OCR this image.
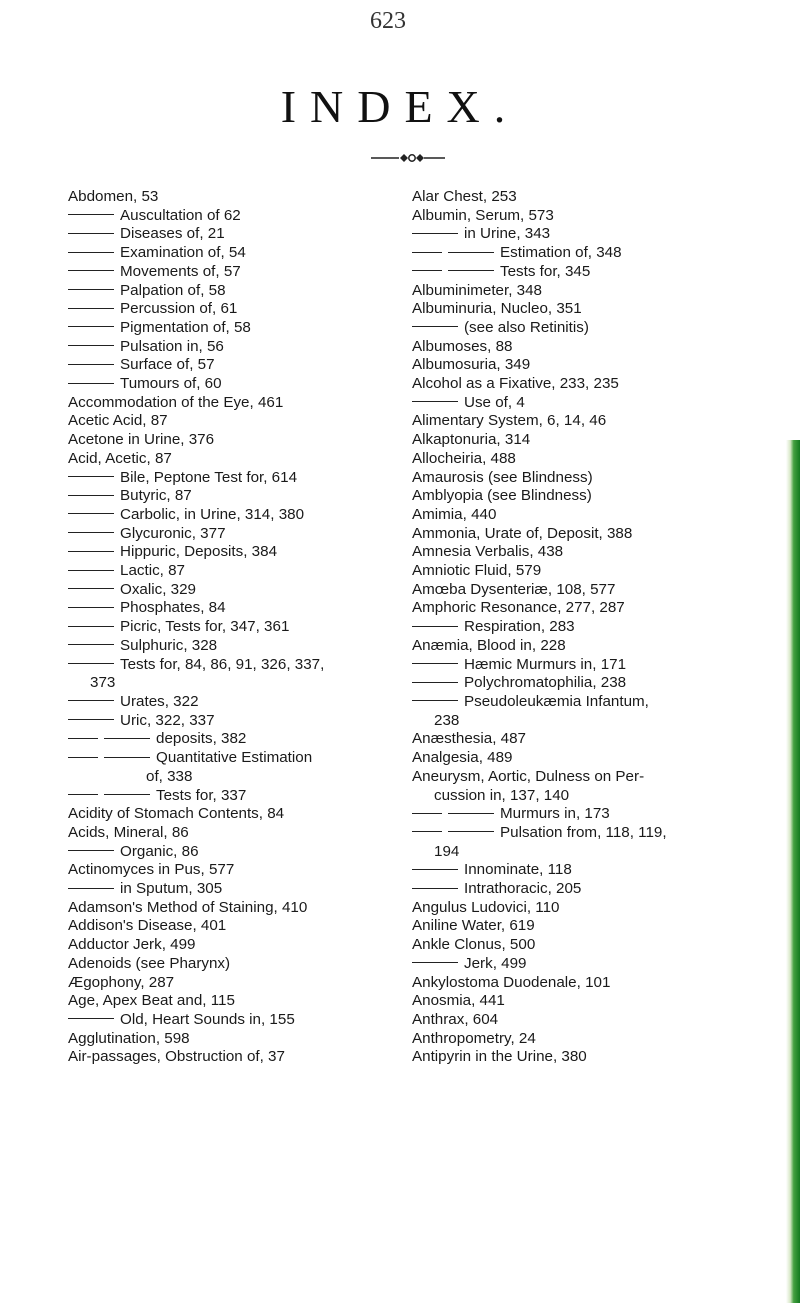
623
INDEX.
Abdomen, 53
Auscultation of 62
Diseases of, 21
Examination of, 54
Movements of, 57
Palpation of, 58
Percussion of, 61
Pigmentation of, 58
Pulsation in, 56
Surface of, 57
Tumours of, 60
Accommodation of the Eye, 461
Acetic Acid, 87
Acetone in Urine, 376
Acid, Acetic, 87
Bile, Peptone Test for, 614
Butyric, 87
Carbolic, in Urine, 314, 380
Glycuronic, 377
Hippuric, Deposits, 384
Lactic, 87
Oxalic, 329
Phosphates, 84
Picric, Tests for, 347, 361
Sulphuric, 328
Tests for, 84, 86, 91, 326, 337,
373
Urates, 322
Uric, 322, 337
deposits, 382
Quantitative Estimation
of, 338
Tests for, 337
Acidity of Stomach Contents, 84
Acids, Mineral, 86
Organic, 86
Actinomyces in Pus, 577
in Sputum, 305
Adamson's Method of Staining, 410
Addison's Disease, 401
Adductor Jerk, 499
Adenoids (see Pharynx)
Ægophony, 287
Age, Apex Beat and, 115
Old, Heart Sounds in, 155
Agglutination, 598
Air-passages, Obstruction of, 37
Alar Chest, 253
Albumin, Serum, 573
in Urine, 343
Estimation of, 348
Tests for, 345
Albuminimeter, 348
Albuminuria, Nucleo, 351
(see also Retinitis)
Albumoses, 88
Albumosuria, 349
Alcohol as a Fixative, 233, 235
Use of, 4
Alimentary System, 6, 14, 46
Alkaptonuria, 314
Allocheiria, 488
Amaurosis (see Blindness)
Amblyopia (see Blindness)
Amimia, 440
Ammonia, Urate of, Deposit, 388
Amnesia Verbalis, 438
Amniotic Fluid, 579
Amœba Dysenteriæ, 108, 577
Amphoric Resonance, 277, 287
Respiration, 283
Anæmia, Blood in, 228
Hæmic Murmurs in, 171
Polychromatophilia, 238
Pseudoleukæmia Infantum,
238
Anæsthesia, 487
Analgesia, 489
Aneurysm, Aortic, Dulness on Per-
cussion in, 137, 140
Murmurs in, 173
Pulsation from, 118, 119,
194
Innominate, 118
Intrathoracic, 205
Angulus Ludovici, 110
Aniline Water, 619
Ankle Clonus, 500
Jerk, 499
Ankylostoma Duodenale, 101
Anosmia, 441
Anthrax, 604
Anthropometry, 24
Antipyrin in the Urine, 380
